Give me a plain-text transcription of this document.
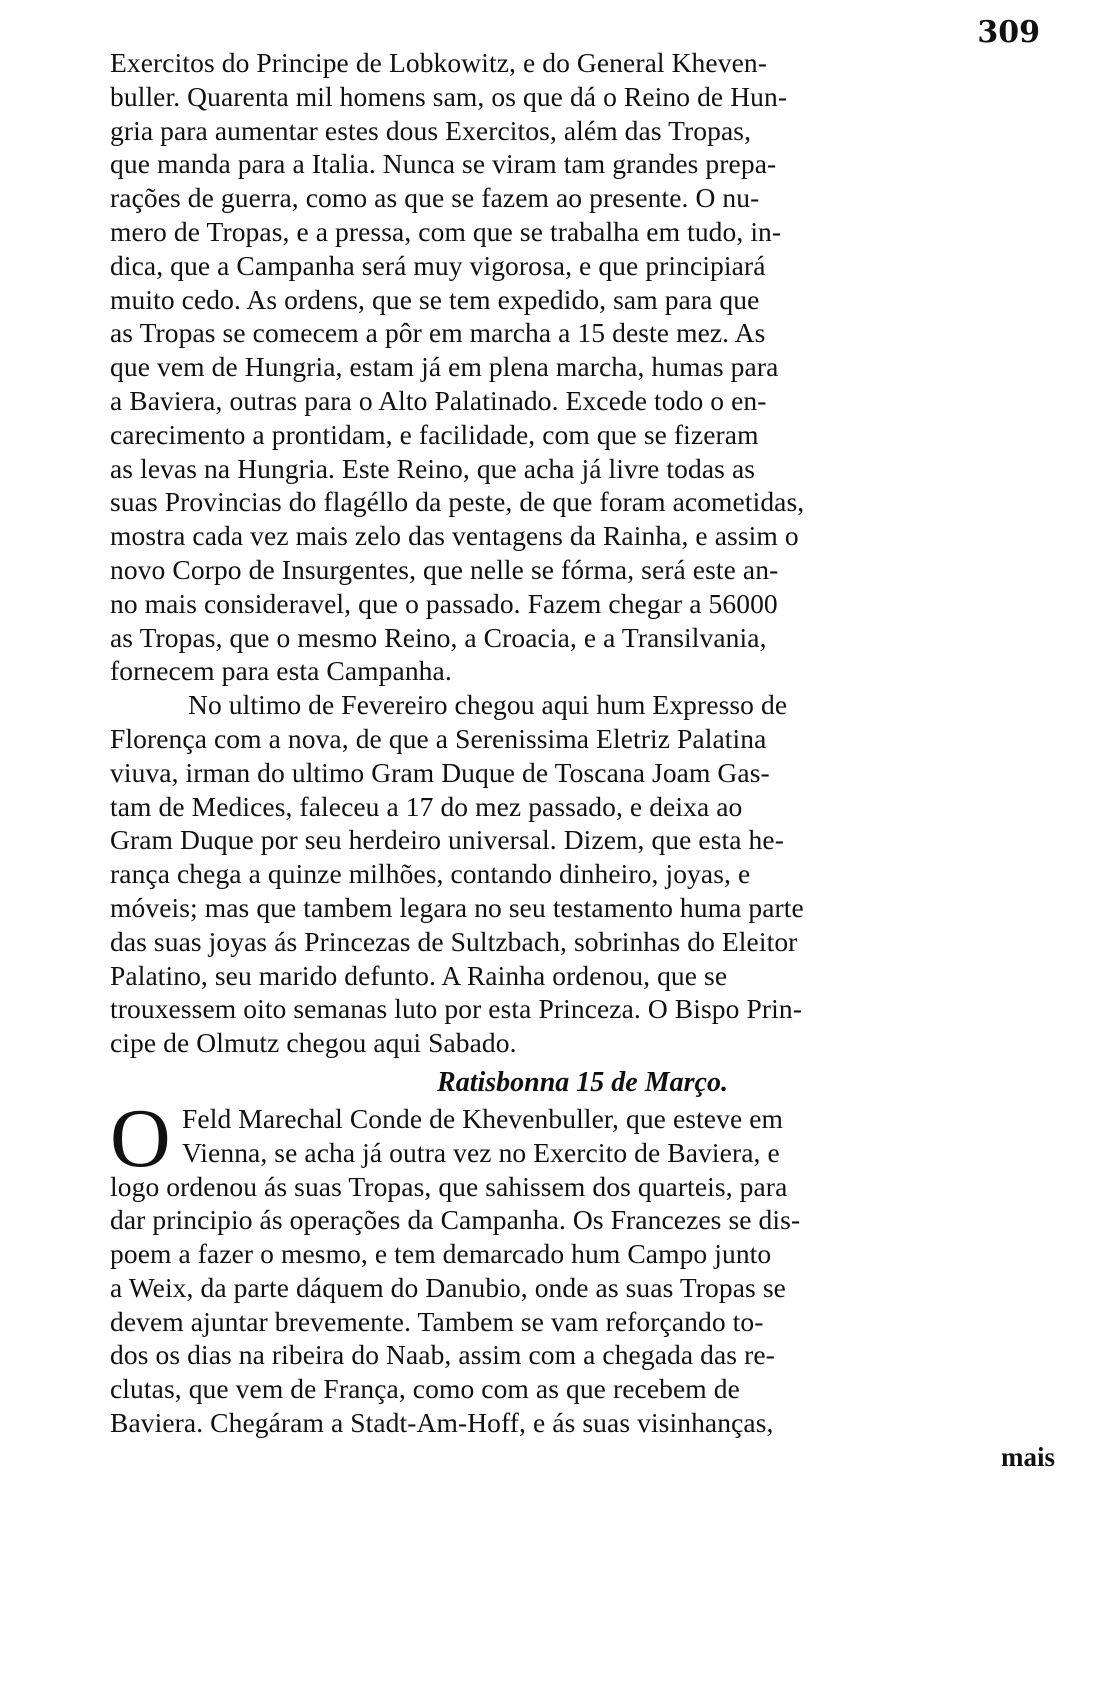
309
Exercitos do Principe de Lobkowitz, e do General Kheven-
buller. Quarenta mil homens sam, os que dá o Reino de Hun-
gria para aumentar estes dous Exercitos, além das Tropas,
que manda para a Italia. Nunca se viram tam grandes prepa-
rações de guerra, como as que se fazem ao presente. O nu-
mero de Tropas, e a pressa, com que se trabalha em tudo, in-
dica, que a Campanha será muy vigorosa, e que principiará
muito cedo. As ordens, que se tem expedido, sam para que
as Tropas se comecem a pôr em marcha a 15 deste mez. As
que vem de Hungria, estam já em plena marcha, humas para
a Baviera, outras para o Alto Palatinado. Excede todo o en-
carecimento a prontidam, e facilidade, com que se fizeram
as levas na Hungria. Este Reino, que acha já livre todas as
suas Provincias do flagéllo da peste, de que foram acometidas,
mostra cada vez mais zelo das ventagens da Rainha, e assim o
novo Corpo de Insurgentes, que nelle se fórma, será este an-
no mais consideravel, que o passado. Fazem chegar a 56000
as Tropas, que o mesmo Reino, a Croacia, e a Transilvania,
fornecem para esta Campanha.
No ultimo de Fevereiro chegou aqui hum Expresso de
Florença com a nova, de que a Serenissima Eletriz Palatina
viuva, irman do ultimo Gram Duque de Toscana Joam Gas-
tam de Medices, faleceu a 17 do mez passado, e deixa ao
Gram Duque por seu herdeiro universal. Dizem, que esta he-
rança chega a quinze milhões, contando dinheiro, joyas, e
móveis; mas que tambem legara no seu testamento huma parte
das suas joyas ás Princezas de Sultzbach, sobrinhas do Eleitor
Palatino, seu marido defunto. A Rainha ordenou, que se
trouxessem oito semanas luto por esta Princeza. O Bispo Prin-
cipe de Olmutz chegou aqui Sabado.
Ratisbonna 15 de Março.
O Feld Marechal Conde de Khevenbuller, que esteve em
Vienna, se acha já outra vez no Exercito de Baviera, e
logo ordenou ás suas Tropas, que sahissem dos quarteis, para
dar principio ás operações da Campanha. Os Francezes se dis-
poem a fazer o mesmo, e tem demarcado hum Campo junto
a Weix, da parte dáquem do Danubio, onde as suas Tropas se
devem ajuntar brevemente. Tambem se vam reforçando to-
dos os dias na ribeira do Naab, assim com a chegada das re-
clutas, que vem de França, como com as que recebem de
Baviera. Chegáram a Stadt-Am-Hoff, e ás suas visinhanças,
mais
